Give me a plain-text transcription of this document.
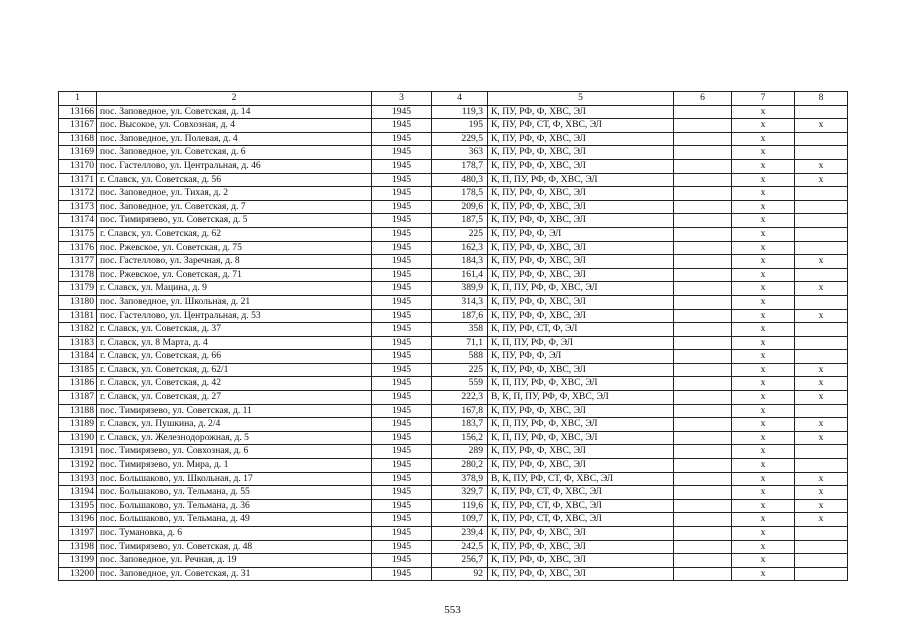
1	2	3	4	5	6	7	8
13166	пос. Заповедное, ул. Советская, д. 14	1945	119,3	К, ПУ, РФ, Ф, ХВС, ЭЛ		х	
13167	пос. Высокое, ул. Совхозная, д. 4	1945	195	К, ПУ, РФ, СТ, Ф, ХВС, ЭЛ		х	х
13168	пос. Заповедное, ул. Полевая, д. 4	1945	229,5	К, ПУ, РФ, Ф, ХВС, ЭЛ		х	
13169	пос. Заповедное, ул. Советская, д. 6	1945	363	К, ПУ, РФ, Ф, ХВС, ЭЛ		х	
13170	пос. Гастеллово, ул. Центральная, д. 46	1945	178,7	К, ПУ, РФ, Ф, ХВС, ЭЛ		х	х
13171	г. Славск, ул. Советская, д. 56	1945	480,3	К, П, ПУ, РФ, Ф, ХВС, ЭЛ		х	х
13172	пос. Заповедное, ул. Тихая, д. 2	1945	178,5	К, ПУ, РФ, Ф, ХВС, ЭЛ		х	
13173	пос. Заповедное, ул. Советская, д. 7	1945	209,6	К, ПУ, РФ, Ф, ХВС, ЭЛ		х	
13174	пос. Тимирязево, ул. Советская, д. 5	1945	187,5	К, ПУ, РФ, Ф, ХВС, ЭЛ		х	
13175	г. Славск, ул. Советская, д. 62	1945	225	К, ПУ, РФ, Ф, ЭЛ		х	
13176	пос. Ржевское, ул. Советская, д. 75	1945	162,3	К, ПУ, РФ, Ф, ХВС, ЭЛ		х	
13177	пос. Гастеллово, ул. Заречная, д. 8	1945	184,3	К, ПУ, РФ, Ф, ХВС, ЭЛ		х	х
13178	пос. Ржевское, ул. Советская, д. 71	1945	161,4	К, ПУ, РФ, Ф, ХВС, ЭЛ		х	
13179	г. Славск, ул. Мацина, д. 9	1945	389,9	К, П, ПУ, РФ, Ф, ХВС, ЭЛ		х	х
13180	пос. Заповедное, ул. Школьная, д. 21	1945	314,3	К, ПУ, РФ, Ф, ХВС, ЭЛ		х	
13181	пос. Гастеллово, ул. Центральная, д. 53	1945	187,6	К, ПУ, РФ, Ф, ХВС, ЭЛ		х	х
13182	г. Славск, ул. Советская, д. 37	1945	358	К, ПУ, РФ, СТ, Ф, ЭЛ		х	
13183	г. Славск, ул. 8 Марта, д. 4	1945	71,1	К, П, ПУ, РФ, Ф, ЭЛ		х	
13184	г. Славск, ул. Советская, д. 66	1945	588	К, ПУ, РФ, Ф, ЭЛ		х	
13185	г. Славск, ул. Советская, д. 62/1	1945	225	К, ПУ, РФ, Ф, ХВС, ЭЛ		х	х
13186	г. Славск, ул. Советская, д. 42	1945	559	К, П, ПУ, РФ, Ф, ХВС, ЭЛ		х	х
13187	г. Славск, ул. Советская, д. 27	1945	222,3	В, К, П, ПУ, РФ, Ф, ХВС, ЭЛ		х	х
13188	пос. Тимирязево, ул. Советская, д. 11	1945	167,8	К, ПУ, РФ, Ф, ХВС, ЭЛ		х	
13189	г. Славск, ул. Пушкина, д. 2/4	1945	183,7	К, П, ПУ, РФ, Ф, ХВС, ЭЛ		х	х
13190	г. Славск, ул. Железнодорожная, д. 5	1945	156,2	К, П, ПУ, РФ, Ф, ХВС, ЭЛ		х	х
13191	пос. Тимирязево, ул. Совхозная, д. 6	1945	289	К, ПУ, РФ, Ф, ХВС, ЭЛ		х	
13192	пос. Тимирязево, ул. Мира, д. 1	1945	280,2	К, ПУ, РФ, Ф, ХВС, ЭЛ		х	
13193	пос. Большаково, ул. Школьная, д. 17	1945	378,9	В, К, ПУ, РФ, СТ, Ф, ХВС, ЭЛ		х	х
13194	пос. Большаково, ул. Тельмана, д. 55	1945	329,7	К, ПУ, РФ, СТ, Ф, ХВС, ЭЛ		х	х
13195	пос. Большаково, ул. Тельмана, д. 36	1945	119,6	К, ПУ, РФ, СТ, Ф, ХВС, ЭЛ		х	х
13196	пос. Большаково, ул. Тельмана, д. 49	1945	109,7	К, ПУ, РФ, СТ, Ф, ХВС, ЭЛ		х	х
13197	пос. Тумановка, д. 6	1945	239,4	К, ПУ, РФ, Ф, ХВС, ЭЛ		х	
13198	пос. Тимирязево, ул. Советская, д. 48	1945	242,5	К, ПУ, РФ, Ф, ХВС, ЭЛ		х	
13199	пос. Заповедное, ул. Речная, д. 19	1945	256,7	К, ПУ, РФ, Ф, ХВС, ЭЛ		х	
13200	пос. Заповедное, ул. Советская, д. 31	1945	92	К, ПУ, РФ, Ф, ХВС, ЭЛ		х	
553
